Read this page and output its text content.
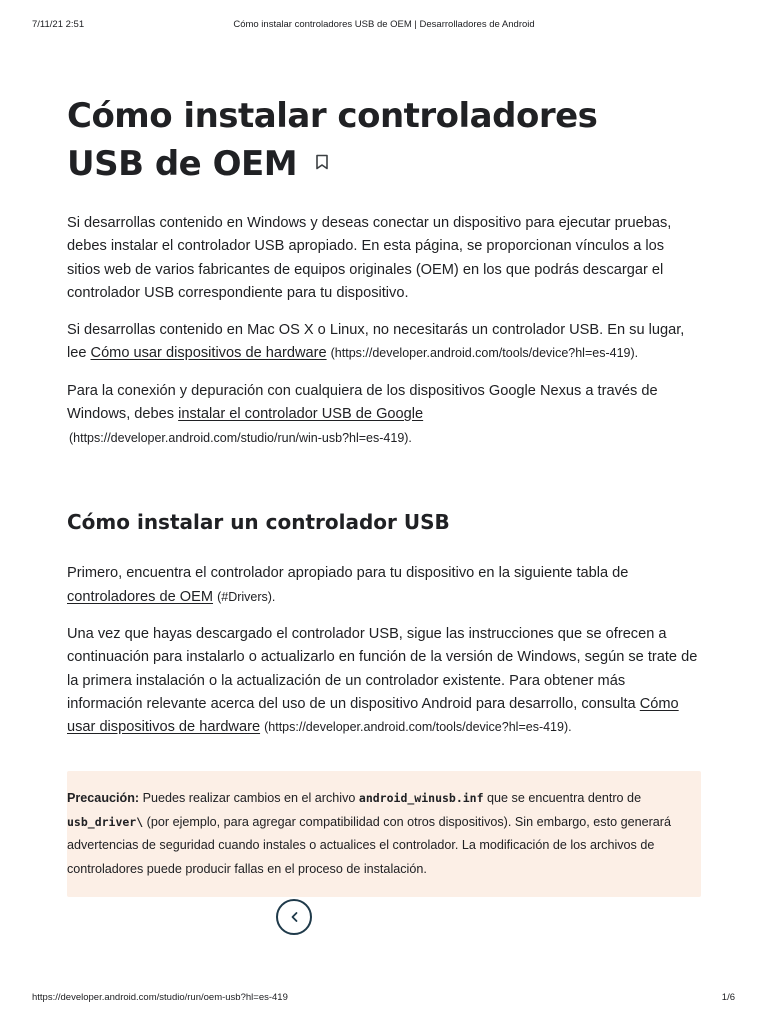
7/11/21 2:51	Cómo instalar controladores USB de OEM | Desarrolladores de Android
Cómo instalar controladores USB de OEM

Si desarrollas contenido en Windows y deseas conectar un dispositivo para ejecutar pruebas, debes instalar el controlador USB apropiado. En esta página, se proporcionan vínculos a los sitios web de varios fabricantes de equipos originales (OEM) en los que podrás descargar el controlador USB correspondiente para tu dispositivo.

Si desarrollas contenido en Mac OS X o Linux, no necesitarás un controlador USB. En su lugar, lee Cómo usar dispositivos de hardware (https://developer.android.com/tools/device?hl=es-419).

Para la conexión y depuración con cualquiera de los dispositivos Google Nexus a través de Windows, debes instalar el controlador USB de Google
(https://developer.android.com/studio/run/win-usb?hl=es-419).

Cómo instalar un controlador USB

Primero, encuentra el controlador apropiado para tu dispositivo en la siguiente tabla de controladores de OEM (#Drivers).

Una vez que hayas descargado el controlador USB, sigue las instrucciones que se ofrecen a continuación para instalarlo o actualizarlo en función de la versión de Windows, según se trate de la primera instalación o la actualización de un controlador existente. Para obtener más información relevante acerca del uso de un dispositivo Android para desarrollo, consulta Cómo usar dispositivos de hardware (https://developer.android.com/tools/device?hl=es-419).

Precaución: Puedes realizar cambios en el archivo android_winusb.inf que se encuentra dentro de usb_driver\ (por ejemplo, para agregar compatibilidad con otros dispositivos). Sin embargo, esto generará advertencias de seguridad cuando instales o actualices el controlador. La modificación de los archivos de controladores puede producir fallas en el proceso de instalación.

https://developer.android.com/studio/run/oem-usb?hl=es-419	1/6
